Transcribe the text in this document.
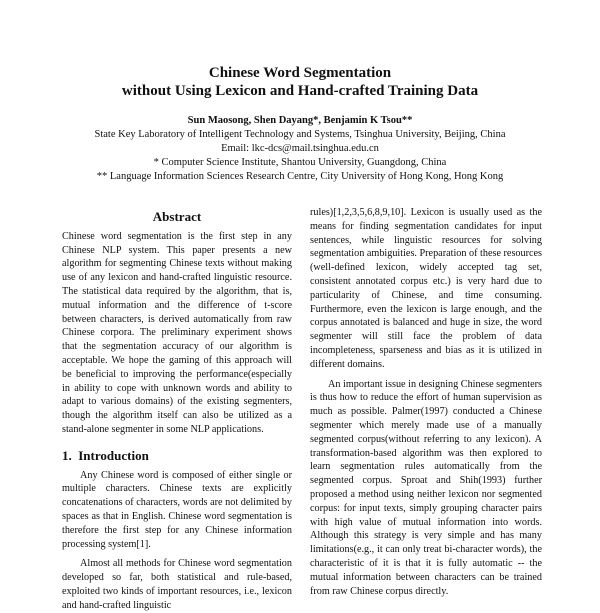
Chinese Word Segmentation
without Using Lexicon and Hand-crafted Training Data
Sun Maosong, Shen Dayang*, Benjamin K Tsou**
State Key Laboratory of Intelligent Technology and Systems, Tsinghua University, Beijing, China
Email: lkc-dcs@mail.tsinghua.edu.cn
* Computer Science Institute, Shantou University, Guangdong, China
** Language Information Sciences Research Centre, City University of Hong Kong, Hong Kong
Abstract

Chinese word segmentation is the first step in any Chinese NLP system. This paper presents a new algorithm for segmenting Chinese texts without making use of any lexicon and hand-crafted linguistic resource. The statistical data required by the algorithm, that is, mutual information and the difference of t-score between characters, is derived automatically from raw Chinese corpora. The preliminary experiment shows that the segmentation accuracy of our algorithm is acceptable. We hope the gaming of this approach will be beneficial to improving the performance(especially in ability to cope with unknown words and ability to adapt to various domains) of the existing segmenters, though the algorithm itself can also be utilized as a stand-alone segmenter in some NLP applications.

1. Introduction

Any Chinese word is composed of either single or multiple characters. Chinese texts are explicitly concatenations of characters, words are not delimited by spaces as that in English. Chinese word segmentation is therefore the first step for any Chinese information processing system[1].

Almost all methods for Chinese word segmentation developed so far, both statistical and rule-based, exploited two kinds of important resources, i.e., lexicon and hand-crafted linguistic

rules)[1,2,3,5,6,8,9,10]. Lexicon is usually used as the means for finding segmentation candidates for input sentences, while linguistic resources for solving segmentation ambiguities. Preparation of these resources (well-defined lexicon, widely accepted tag set, consistent annotated corpus etc.) is very hard due to particularity of Chinese, and time consuming. Furthermore, even the lexicon is large enough, and the corpus annotated is balanced and huge in size, the word segmenter will still face the problem of data incompleteness, sparseness and bias as it is utilized in different domains.

An important issue in designing Chinese segmenters is thus how to reduce the effort of human supervision as much as possible. Palmer(1997) conducted a Chinese segmenter which merely made use of a manually segmented corpus(without referring to any lexicon). A transformation-based algorithm was then explored to learn segmentation rules automatically from the segmented corpus. Sproat and Shih(1993) further proposed a method using neither lexicon nor segmented corpus: for input texts, simply grouping character pairs with high value of mutual information into words. Although this strategy is very simple and has many limitations(e.g., it can only treat bi-character words), the characteristic of it is that it is fully automatic -- the mutual information between characters can be trained from raw Chinese corpus directly.
